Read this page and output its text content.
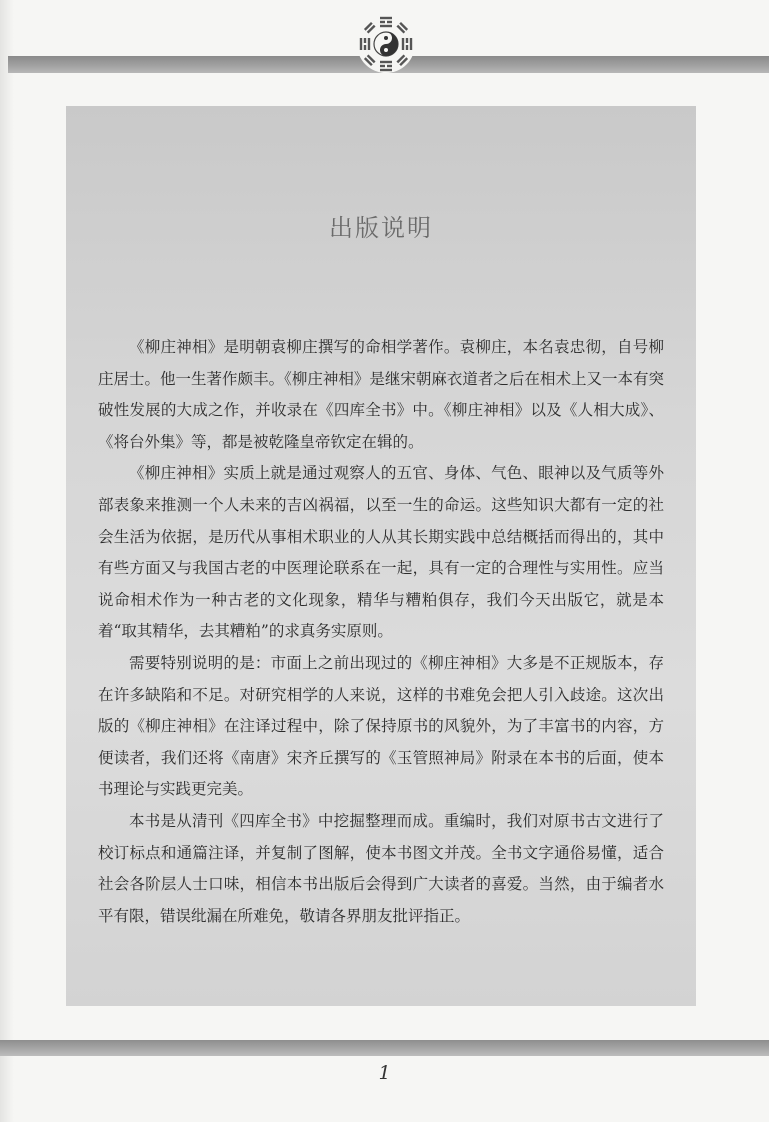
出版说明

《柳庄神相》是明朝袁柳庄撰写的命相学著作。袁柳庄，本名袁忠彻，自号柳庄居士。他一生著作颇丰。《柳庄神相》是继宋朝麻衣道者之后在相术上又一本有突破性发展的大成之作，并收录在《四库全书》中。《柳庄神相》以及《人相大成》、《将台外集》等，都是被乾隆皇帝钦定在辑的。

《柳庄神相》实质上就是通过观察人的五官、身体、气色、眼神以及气质等外部表象来推测一个人未来的吉凶祸福，以至一生的命运。这些知识大都有一定的社会生活为依据，是历代从事相术职业的人从其长期实践中总结概括而得出的，其中有些方面又与我国古老的中医理论联系在一起，具有一定的合理性与实用性。应当说命相术作为一种古老的文化现象，精华与糟粕俱存，我们今天出版它，就是本着“取其精华，去其糟粕”的求真务实原则。

需要特别说明的是：市面上之前出现过的《柳庄神相》大多是不正规版本，存在许多缺陷和不足。对研究相学的人来说，这样的书难免会把人引入歧途。这次出版的《柳庄神相》在注译过程中，除了保持原书的风貌外，为了丰富书的内容，方便读者，我们还将《南唐》宋齐丘撰写的《玉管照神局》附录在本书的后面，使本书理论与实践更完美。

本书是从清刊《四库全书》中挖掘整理而成。重编时，我们对原书古文进行了校订标点和通篇注译，并复制了图解，使本书图文并茂。全书文字通俗易懂，适合社会各阶层人士口味，相信本书出版后会得到广大读者的喜爱。当然，由于编者水平有限，错误纰漏在所难免，敬请各界朋友批评指正。

1
